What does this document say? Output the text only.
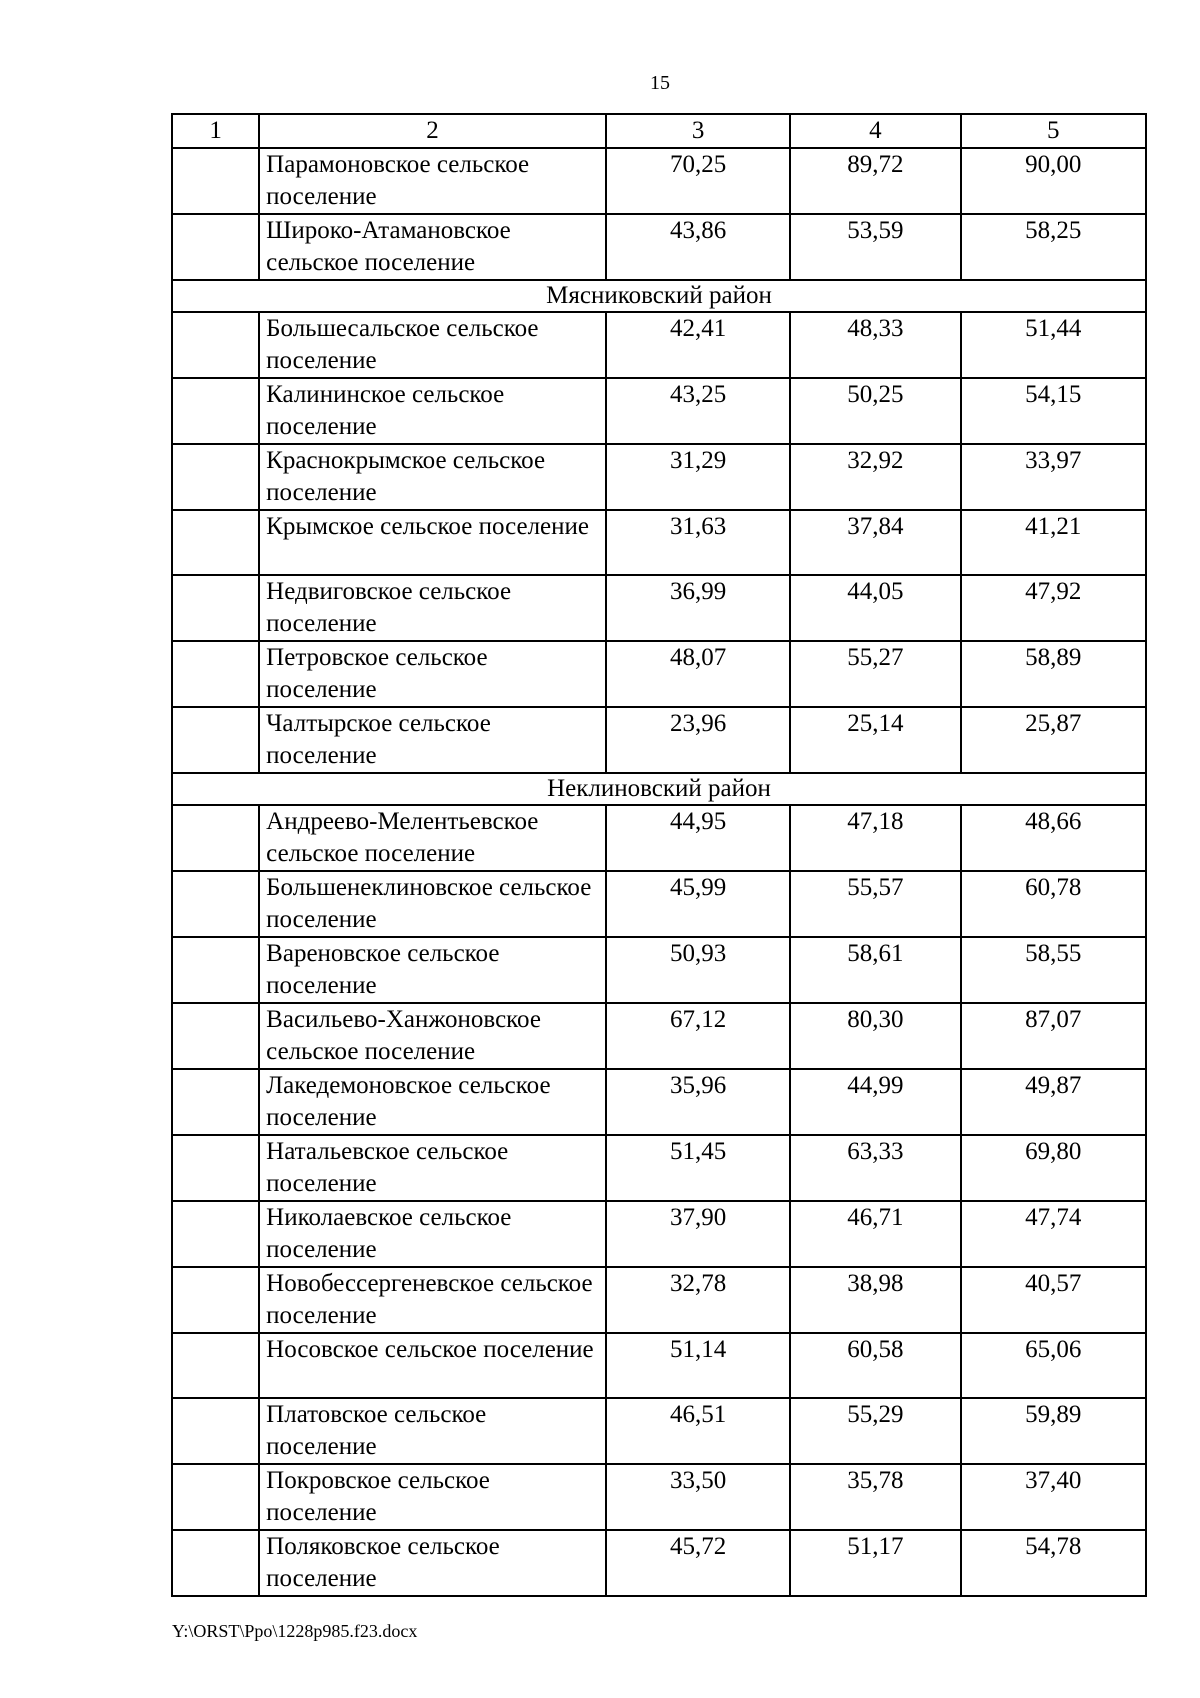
15
1	2	3	4	5
	Парамоновское сельское поселение	70,25	89,72	90,00
	Широко-Атамановское сельское поселение	43,86	53,59	58,25
Мясниковский район				
	Большесальское сельское поселение	42,41	48,33	51,44
	Калининское сельское поселение	43,25	50,25	54,15
	Краснокрымское сельское поселение	31,29	32,92	33,97
	Крымское сельское поселение	31,63	37,84	41,21
	Недвиговское сельское поселение	36,99	44,05	47,92
	Петровское сельское поселение	48,07	55,27	58,89
	Чалтырское сельское поселение	23,96	25,14	25,87
Неклиновский район				
	Андреево-Мелентьевское сельское поселение	44,95	47,18	48,66
	Большенеклиновское сельское поселение	45,99	55,57	60,78
	Вареновское сельское поселение	50,93	58,61	58,55
	Васильево-Ханжоновское сельское поселение	67,12	80,30	87,07
	Лакедемоновское сельское поселение	35,96	44,99	49,87
	Натальевское сельское поселение	51,45	63,33	69,80
	Николаевское сельское поселение	37,90	46,71	47,74
	Новобессергеневское сельское поселение	32,78	38,98	40,57
	Носовское сельское поселение	51,14	60,58	65,06
	Платовское сельское поселение	46,51	55,29	59,89
	Покровское сельское поселение	33,50	35,78	37,40
	Поляковское сельское поселение	45,72	51,17	54,78
Y:\ORST\Ppo\1228p985.f23.docx
